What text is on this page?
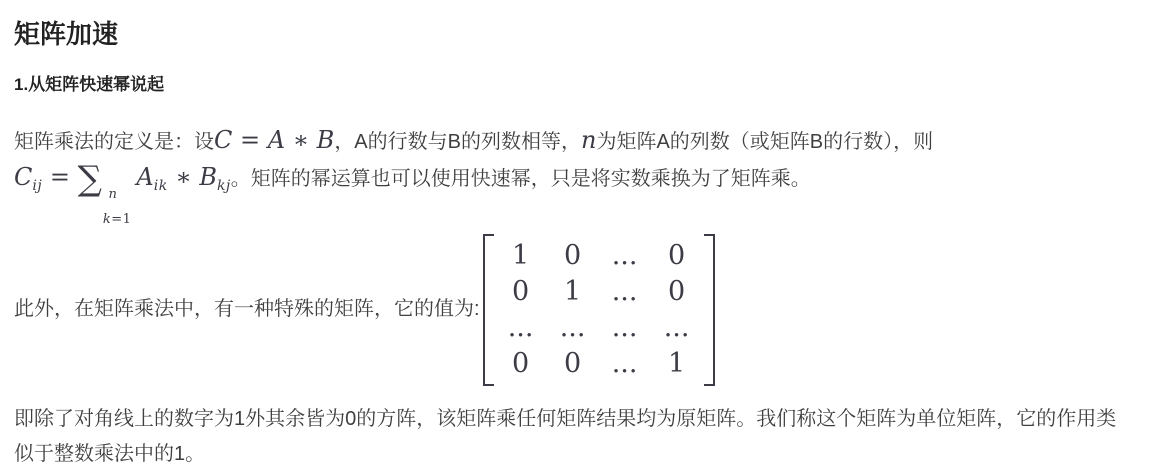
矩阵加速
1.从矩阵快速幂说起

矩阵乘法的定义是：设C = A ∗ B，A的行数与B的列数相等，n为矩阵A的列数（或矩阵B的行数），则$C_{ij}$ = ∑ n
k=1
$A_{ik}$ ∗ $B_{kj}$。矩阵的幂运算也可以使用快速幂，只是将实数乘换为了矩阵乘。

此外，在矩阵乘法中，有一种特殊的矩阵，它的值为:
1	0	...	0
0	1	...	0
... ... ... ...
0	0	...	1

即除了对角线上的数字为1外其余皆为0的方阵，该矩阵乘任何矩阵结果均为原矩阵。我们称这个矩阵为单位矩阵，它的作用类似于整数乘法中的1。
